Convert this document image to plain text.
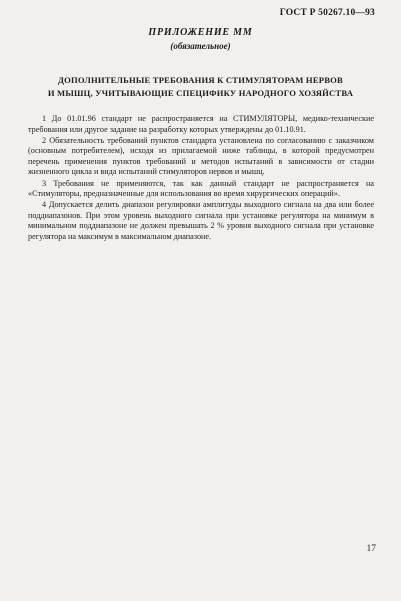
ГОСТ Р 50267.10—93
ПРИЛОЖЕНИЕ ММ
(обязательное)
ДОПОЛНИТЕЛЬНЫЕ ТРЕБОВАНИЯ К СТИМУЛЯТОРАМ НЕРВОВ
И МЫШЦ, УЧИТЫВАЮЩИЕ СПЕЦИФИКУ НАРОДНОГО ХОЗЯЙСТВА

1 До 01.01.96 стандарт не распространяется на СТИМУЛЯТОРЫ, медико-технические требования или другое задание на разработку которых утверждены до 01.10.91.

2 Обязательность требований пунктов стандарта установлена по согласованию с заказчиком (основным потребителем), исходя из прилагаемой ниже таблицы, в которой предусмотрен перечень применения пунктов требований и методов испытаний в зависимости от стадии жизненного цикла и вида испытаний стимуляторов нервов и мышц.

3 Требования не применяются, так как данный стандарт не распространяется на «Стимуляторы, предназначенные для использования во время хирургических операций».

4 Допускается делить диапазон регулировки амплитуды выходного сигнала на два или более поддиапазонов. При этом уровень выходного сигнала при установке регулятора на минимум в минимальном поддиапазоне не должен превышать 2 % уровня выходного сигнала при установке регулятора на максимум в максимальном диапазоне.

17
